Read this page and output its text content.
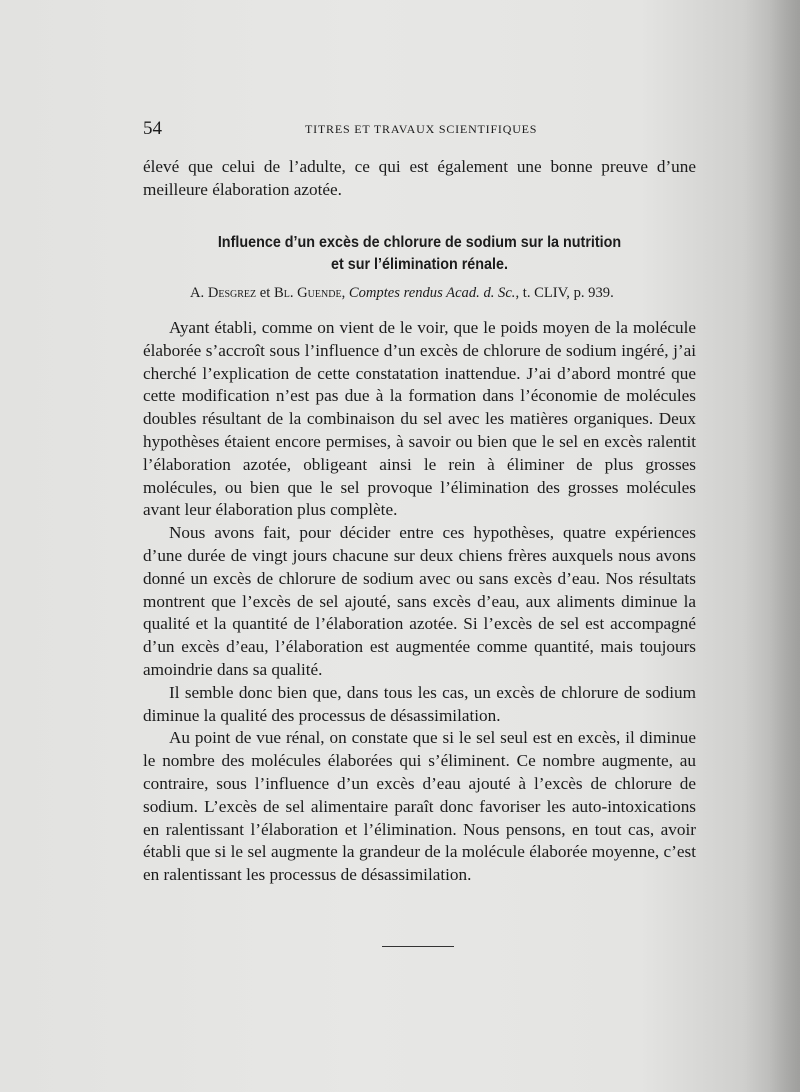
54	TITRES ET TRAVAUX SCIENTIFIQUES

élevé que celui de l’adulte, ce qui est également une bonne preuve d’une meilleure élaboration azotée.

Influence d’un excès de chlorure de sodium sur la nutrition
et sur l’élimination rénale.
A. Desgrez et Bl. Guende, Comptes rendus Acad. d. Sc., t. CLIV, p. 939.

Ayant établi, comme on vient de le voir, que le poids moyen de la molécule élaborée s’accroît sous l’influence d’un excès de chlorure de sodium ingéré, j’ai cherché l’explication de cette constatation inattendue. J’ai d’abord montré que cette modification n’est pas due à la formation dans l’économie de molécules doubles résultant de la combinaison du sel avec les matières organiques. Deux hypothèses étaient encore permises, à savoir ou bien que le sel en excès ralentit l’élaboration azotée, obligeant ainsi le rein à éliminer de plus grosses molécules, ou bien que le sel provoque l’élimination des grosses molécules avant leur élaboration plus complète.

Nous avons fait, pour décider entre ces hypothèses, quatre expériences d’une durée de vingt jours chacune sur deux chiens frères auxquels nous avons donné un excès de chlorure de sodium avec ou sans excès d’eau. Nos résultats montrent que l’excès de sel ajouté, sans excès d’eau, aux aliments diminue la qualité et la quantité de l’élaboration azotée. Si l’excès de sel est accompagné d’un excès d’eau, l’élaboration est augmentée comme quantité, mais toujours amoindrie dans sa qualité.

Il semble donc bien que, dans tous les cas, un excès de chlorure de sodium diminue la qualité des processus de désassimilation.

Au point de vue rénal, on constate que si le sel seul est en excès, il diminue le nombre des molécules élaborées qui s’éliminent. Ce nombre augmente, au contraire, sous l’influence d’un excès d’eau ajouté à l’excès de chlorure de sodium. L’excès de sel alimentaire paraît donc favoriser les auto-intoxications en ralentissant l’élaboration et l’élimination. Nous pensons, en tout cas, avoir établi que si le sel augmente la grandeur de la molécule élaborée moyenne, c’est en ralentissant les processus de désassimilation.
